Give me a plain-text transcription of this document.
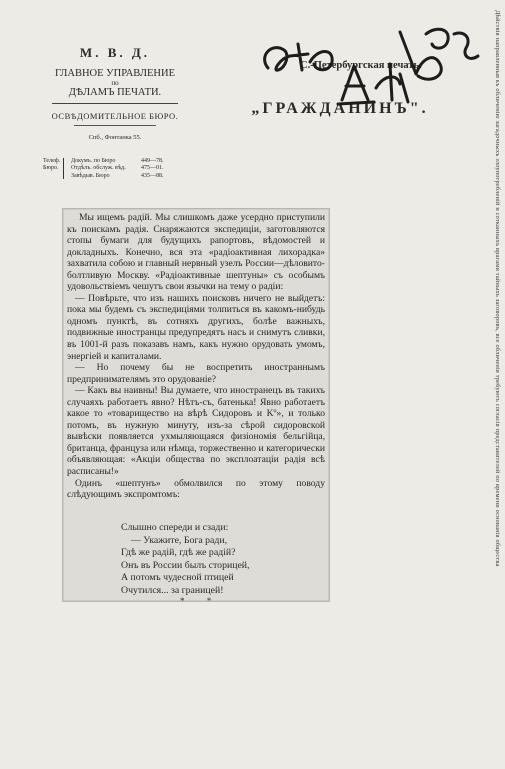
М. В. Д.
ГЛАВНОЕ УПРАВЛЕНИЕ
по
ДѢЛАМЪ ПЕЧАТИ.
ОСВѢДОМИТЕЛЬНОЕ БЮРО.
Спб., Фонтанка 55.
Телеф. Бюро.
Докумъ. по Бюро	449—78.
Отдѣлъ. обслуж. вѣд.	475—01.
Завѣдыв. Бюро	435—88.
С.-Петербургская печать.
„ГРАЖДАНИНЪ".

Мы ищемъ радій. Мы слишкомъ даже усердно приступили къ поискамъ радія. Снаряжаются экспедиціи, заготовляются стопы бумаги для будущихъ рапортовъ, вѣдомостей и докладныхъ. Конечно, вся эта «радіоактивная лихорадка» захватила собою и главный нервный узелъ России—дѣловито-болтливую Москву. «Радіоактивные шептуны» съ особымъ удовольствіемъ чешутъ свои язычки на тему о радіи:

— Повѣрьте, что изъ нашихъ поисковъ ничего не выйдетъ: пока мы будемъ съ экспедиціями толпиться въ какомъ-нибудь одномъ пунктѣ, въ сотняхъ другихъ, болѣе важныхъ, подвижные иностранцы предупредятъ насъ и снимутъ сливки, въ 1001-й разъ показавъ намъ, какъ нужно орудовать умомъ, энергіей и капиталами.

— Но почему бы не воспретить иностраннымъ предпринимателямъ это орудованіе?

— Какъ вы наивны! Вы думаете, что иностранецъ въ такихъ случаяхъ работаетъ явно? Нѣтъ-съ, батенька! Явно работаетъ какое то «товарищество на вѣрѣ Сидоровъ и Kº», и только потомъ, въ нужную минуту, изъ-за сѣрой сидоровской вывѣски появляется ухмыляющаяся физіономія бельгійца, британца, француза или нѣмца, торжественно и категорически объявляющая: «Акціи общества по эксплоатаціи радія всѣ расписаны!»

Одинъ «шептунъ» обмолвился по этому поводу слѣдующимъ экспромтомъ:

Слышно спереди и сзади:
— Укажите, Бога ради,
Гдѣ же радій, гдѣ же радій?
Онъ въ России былъ сторицей,
А потомъ чудесной птицей
Очутился... за границей!
* *
Дѣйствія направленныя къ обличенію загадочныхъ злоупотребленій и сотканныхъ врагами тайныхъ заговоровъ, все обличенія требуютъ согласія представителей по времени основанія общества
